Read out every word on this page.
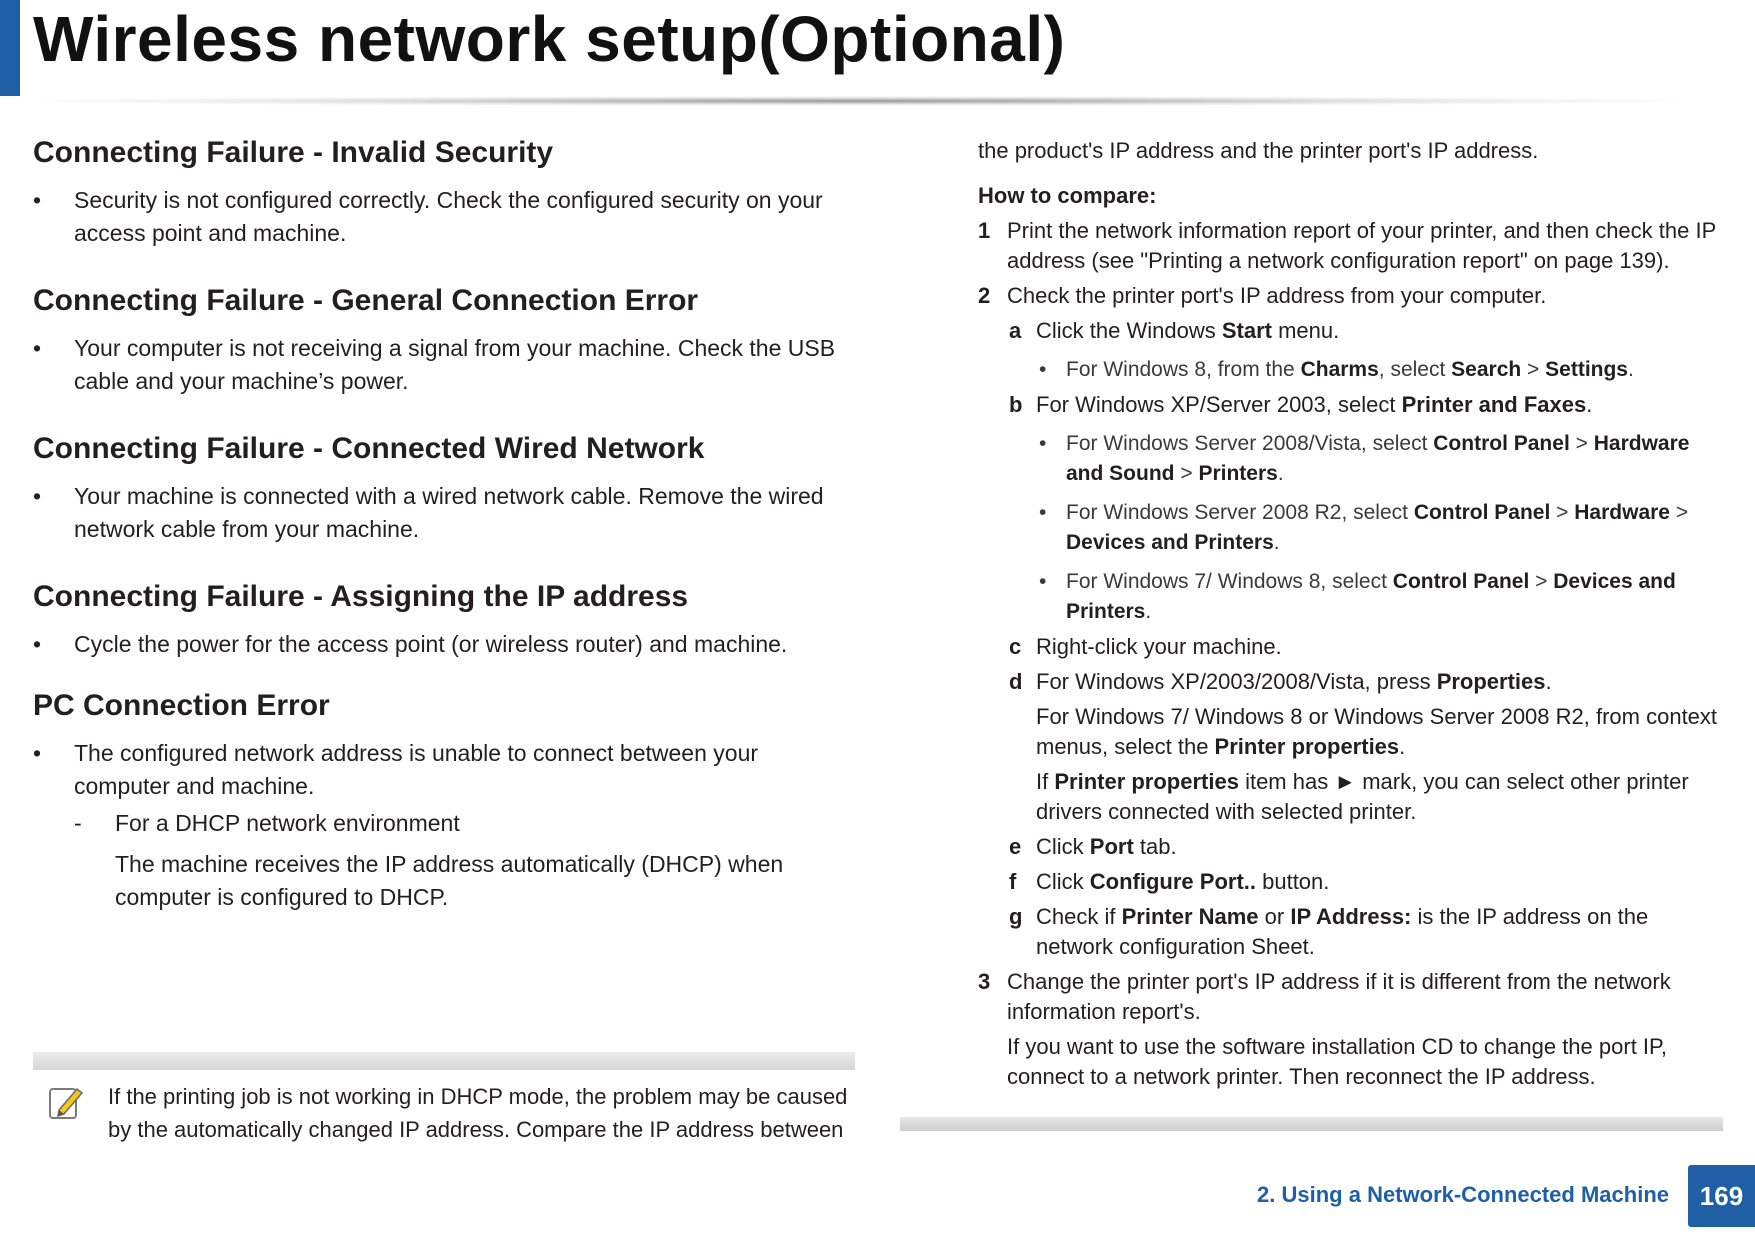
Wireless network setup(Optional)
Connecting Failure - Invalid Security

• Security is not configured correctly. Check the configured security on your access point and machine.

Connecting Failure - General Connection Error

• Your computer is not receiving a signal from your machine. Check the USB cable and your machine’s power.

Connecting Failure - Connected Wired Network

• Your machine is connected with a wired network cable. Remove the wired network cable from your machine.

Connecting Failure - Assigning the IP address

• Cycle the power for the access point (or wireless router) and machine.

PC Connection Error

• The configured network address is unable to connect between your computer and machine.

- For a DHCP network environment
The machine receives the IP address automatically (DHCP) when computer is configured to DHCP.
If the printing job is not working in DHCP mode, the problem may be caused by the automatically changed IP address. Compare the IP address between

the product's IP address and the printer port's IP address.

How to compare:

1 Print the network information report of your printer, and then check the IP address (see "Printing a network configuration report" on page 139).
2 Check the printer port's IP address from your computer.
a Click the Windows Start menu.
• For Windows 8, from the Charms, select Search > Settings.
b For Windows XP/Server 2003, select Printer and Faxes.
• For Windows Server 2008/Vista, select Control Panel > Hardware and Sound > Printers.
• For Windows Server 2008 R2, select Control Panel > Hardware > Devices and Printers.
• For Windows 7/ Windows 8, select Control Panel > Devices and Printers.
c Right-click your machine.
d For Windows XP/2003/2008/Vista, press Properties.
For Windows 7/ Windows 8 or Windows Server 2008 R2, from context menus, select the Printer properties.
If Printer properties item has ► mark, you can select other printer drivers connected with selected printer.
e Click Port tab.
f Click Configure Port.. button.
g Check if Printer Name or IP Address: is the IP address on the network configuration Sheet.
3 Change the printer port's IP address if it is different from the network information report's.
If you want to use the software installation CD to change the port IP, connect to a network printer. Then reconnect the IP address.
2. Using a Network-Connected Machine	169
